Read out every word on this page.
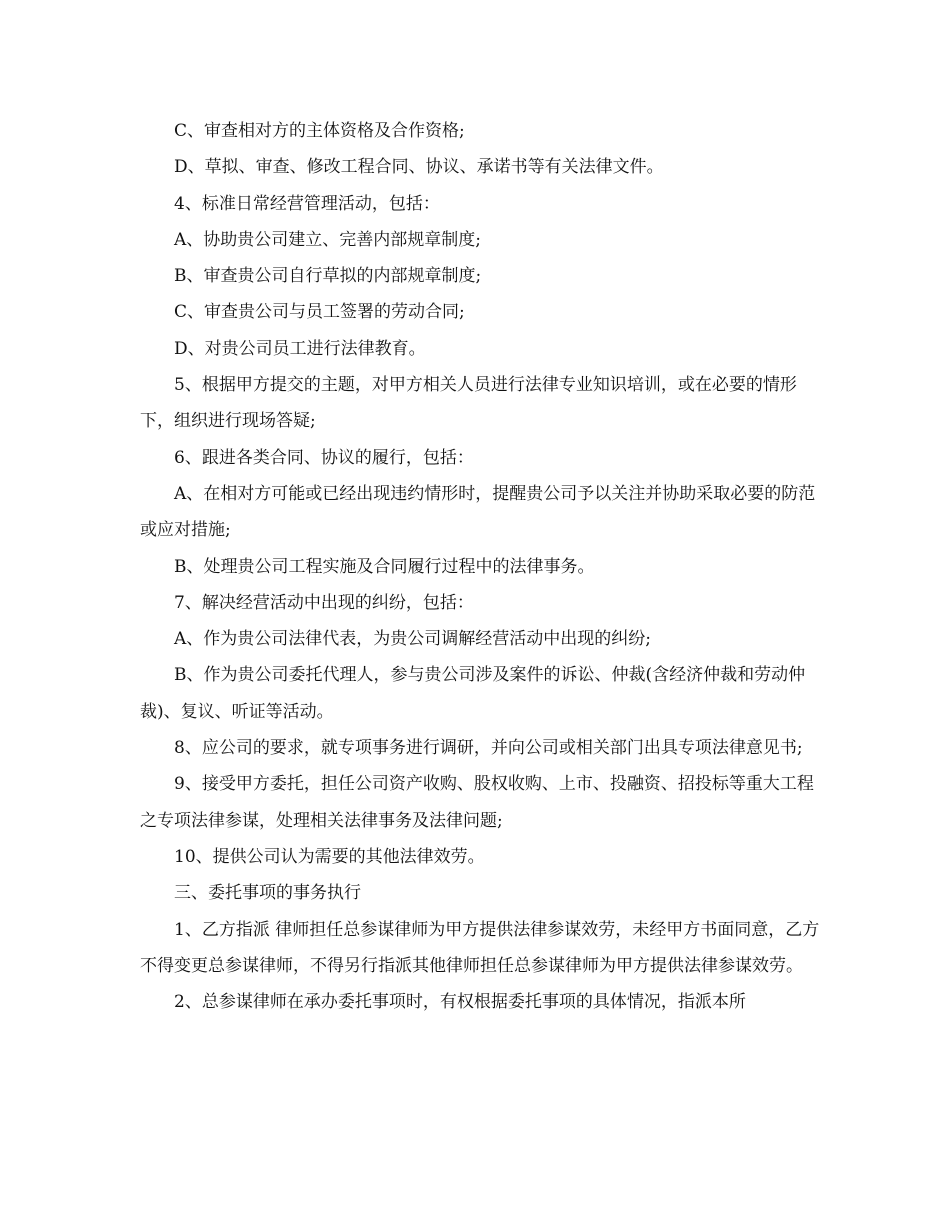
C、审查相对方的主体资格及合作资格;

D、草拟、审查、修改工程合同、协议、承诺书等有关法律文件。

4、标准日常经营管理活动，包括：

A、协助贵公司建立、完善内部规章制度;

B、审查贵公司自行草拟的内部规章制度;

C、审查贵公司与员工签署的劳动合同;

D、对贵公司员工进行法律教育。

5、根据甲方提交的主题，对甲方相关人员进行法律专业知识培训，或在必要的情形下，组织进行现场答疑;

6、跟进各类合同、协议的履行，包括：

A、在相对方可能或已经出现违约情形时，提醒贵公司予以关注并协助采取必要的防范或应对措施;

B、处理贵公司工程实施及合同履行过程中的法律事务。

7、解决经营活动中出现的纠纷，包括：

A、作为贵公司法律代表，为贵公司调解经营活动中出现的纠纷;

B、作为贵公司委托代理人，参与贵公司涉及案件的诉讼、仲裁(含经济仲裁和劳动仲裁)、复议、听证等活动。

8、应公司的要求，就专项事务进行调研，并向公司或相关部门出具专项法律意见书;

9、接受甲方委托，担任公司资产收购、股权收购、上市、投融资、招投标等重大工程之专项法律参谋，处理相关法律事务及法律问题;

10、提供公司认为需要的其他法律效劳。

三、委托事项的事务执行

1、乙方指派 律师担任总参谋律师为甲方提供法律参谋效劳，未经甲方书面同意，乙方不得变更总参谋律师，不得另行指派其他律师担任总参谋律师为甲方提供法律参谋效劳。

2、总参谋律师在承办委托事项时，有权根据委托事项的具体情况，指派本所
